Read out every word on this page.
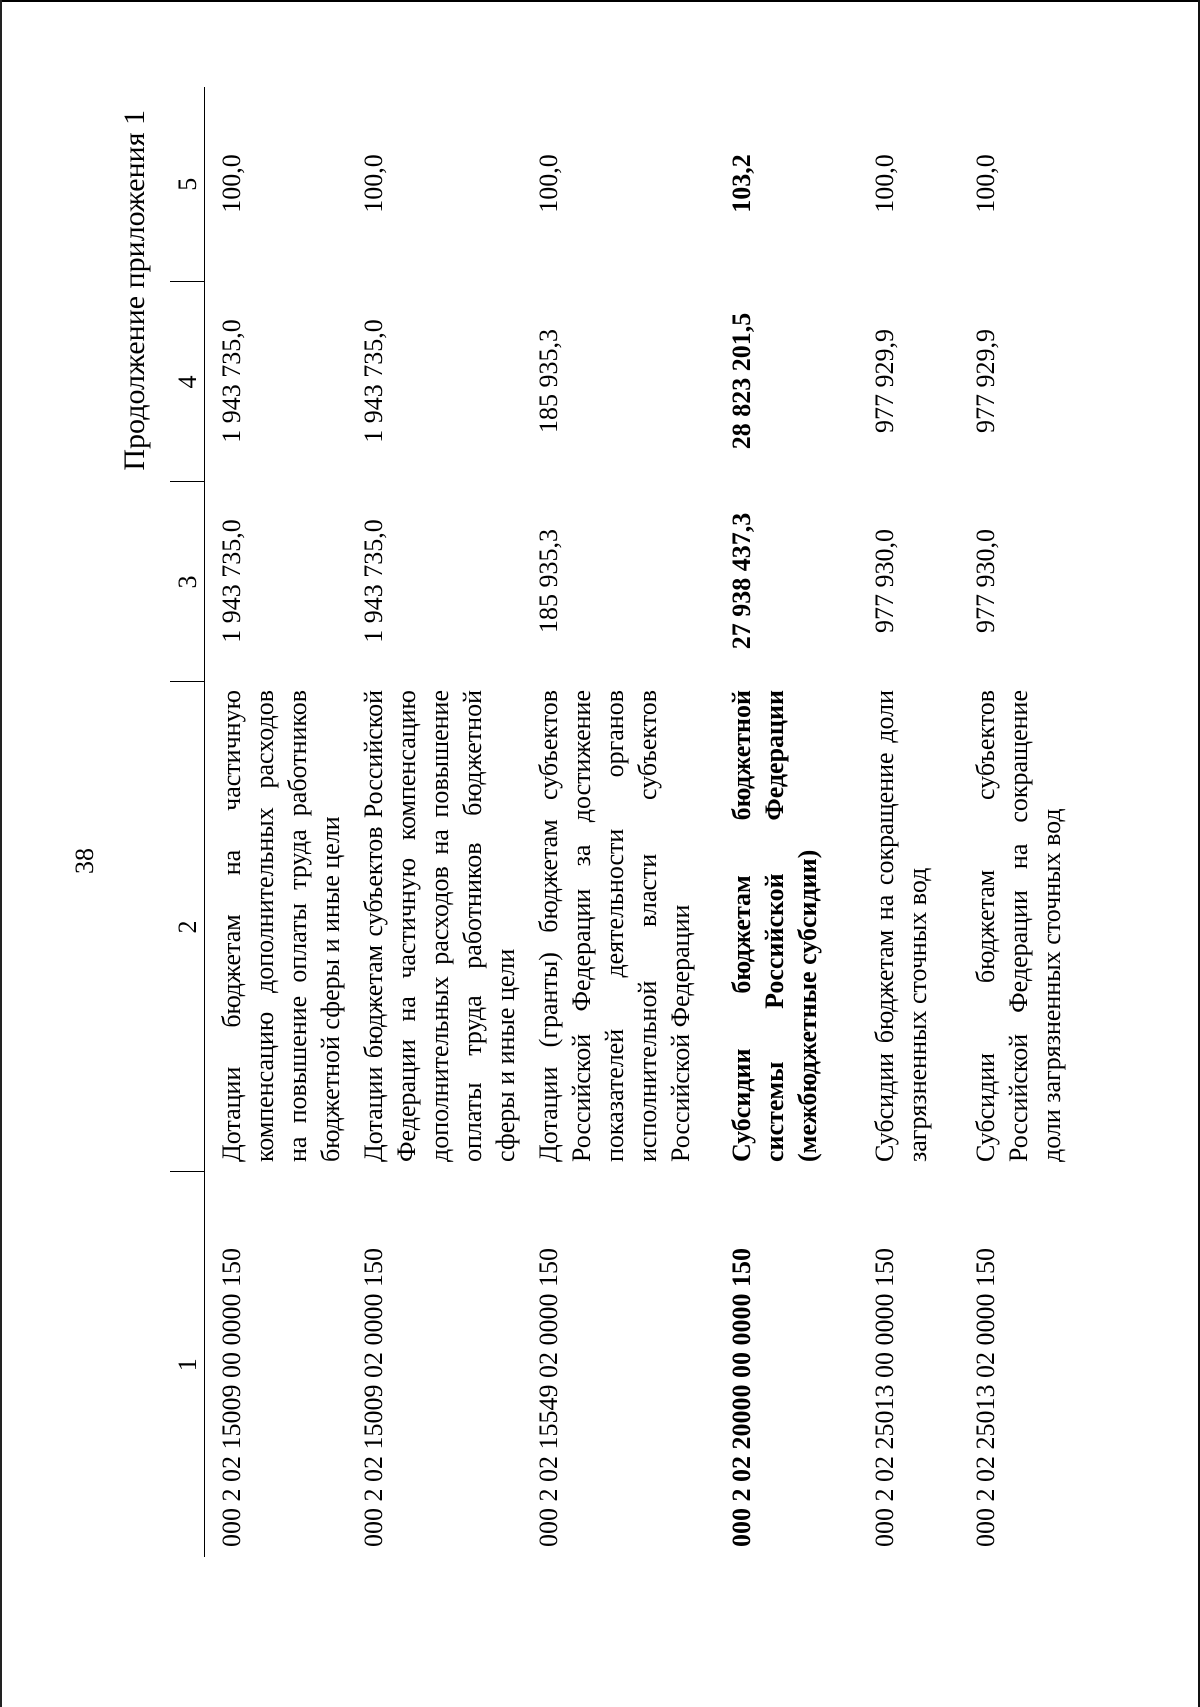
38
Продолжение приложения 1
1	2	3	4	5
000 2 02 15009 00 0000 150	Дотации бюджетам на частичную компенсацию дополнительных расходов на повышение оплаты труда работников бюджетной сферы и иные цели	1 943 735,0	1 943 735,0	100,0
000 2 02 15009 02 0000 150	Дотации бюджетам субъектов Российской Федерации на частичную компенсацию дополнительных расходов на повышение оплаты труда работников бюджетной сферы и иные цели	1 943 735,0	1 943 735,0	100,0
000 2 02 15549 02 0000 150	Дотации (гранты) бюджетам субъектов Российской Федерации за достижение показателей деятельности органов исполнительной власти субъектов Российской Федерации	185 935,3	185 935,3	100,0
000 2 02 20000 00 0000 150	Субсидии бюджетам бюджетной системы Российской Федерации (межбюджетные субсидии)	27 938 437,3	28 823 201,5	103,2
000 2 02 25013 00 0000 150	Субсидии бюджетам на сокращение доли загрязненных сточных вод	977 930,0	977 929,9	100,0
000 2 02 25013 02 0000 150	Субсидии бюджетам субъектов Российской Федерации на сокращение доли загрязненных сточных вод	977 930,0	977 929,9	100,0
